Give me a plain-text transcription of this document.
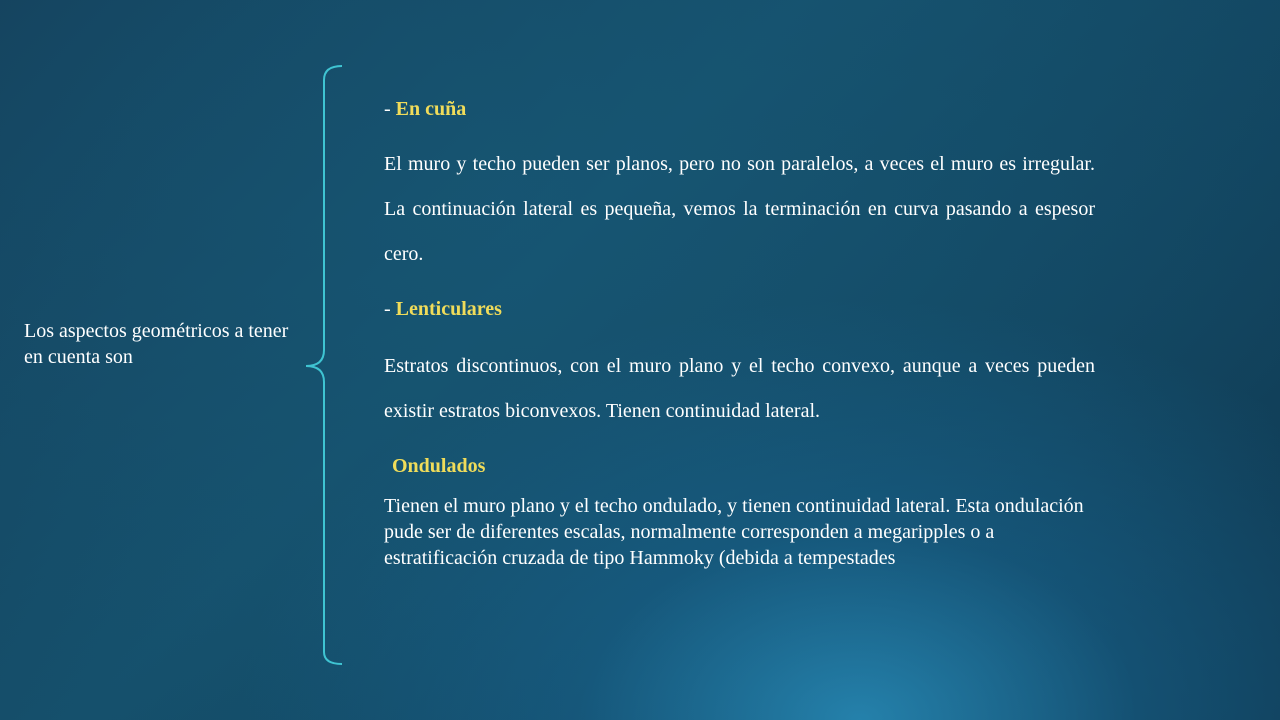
Los aspectos geométricos a tener en cuenta son

- En cuña

El muro y techo pueden ser planos, pero no son paralelos, a veces el muro es irregular. La continuación lateral es pequeña, vemos la terminación en curva pasando a espesor cero.

- Lenticulares

Estratos discontinuos, con el muro plano y el techo convexo, aunque a veces pueden existir estratos biconvexos. Tienen continuidad lateral.

Ondulados

Tienen el muro plano y el techo ondulado, y tienen continuidad lateral. Esta ondulación pude ser de diferentes escalas, normalmente corresponden a megaripples o a estratificación cruzada de tipo Hammoky (debida a tempestades
